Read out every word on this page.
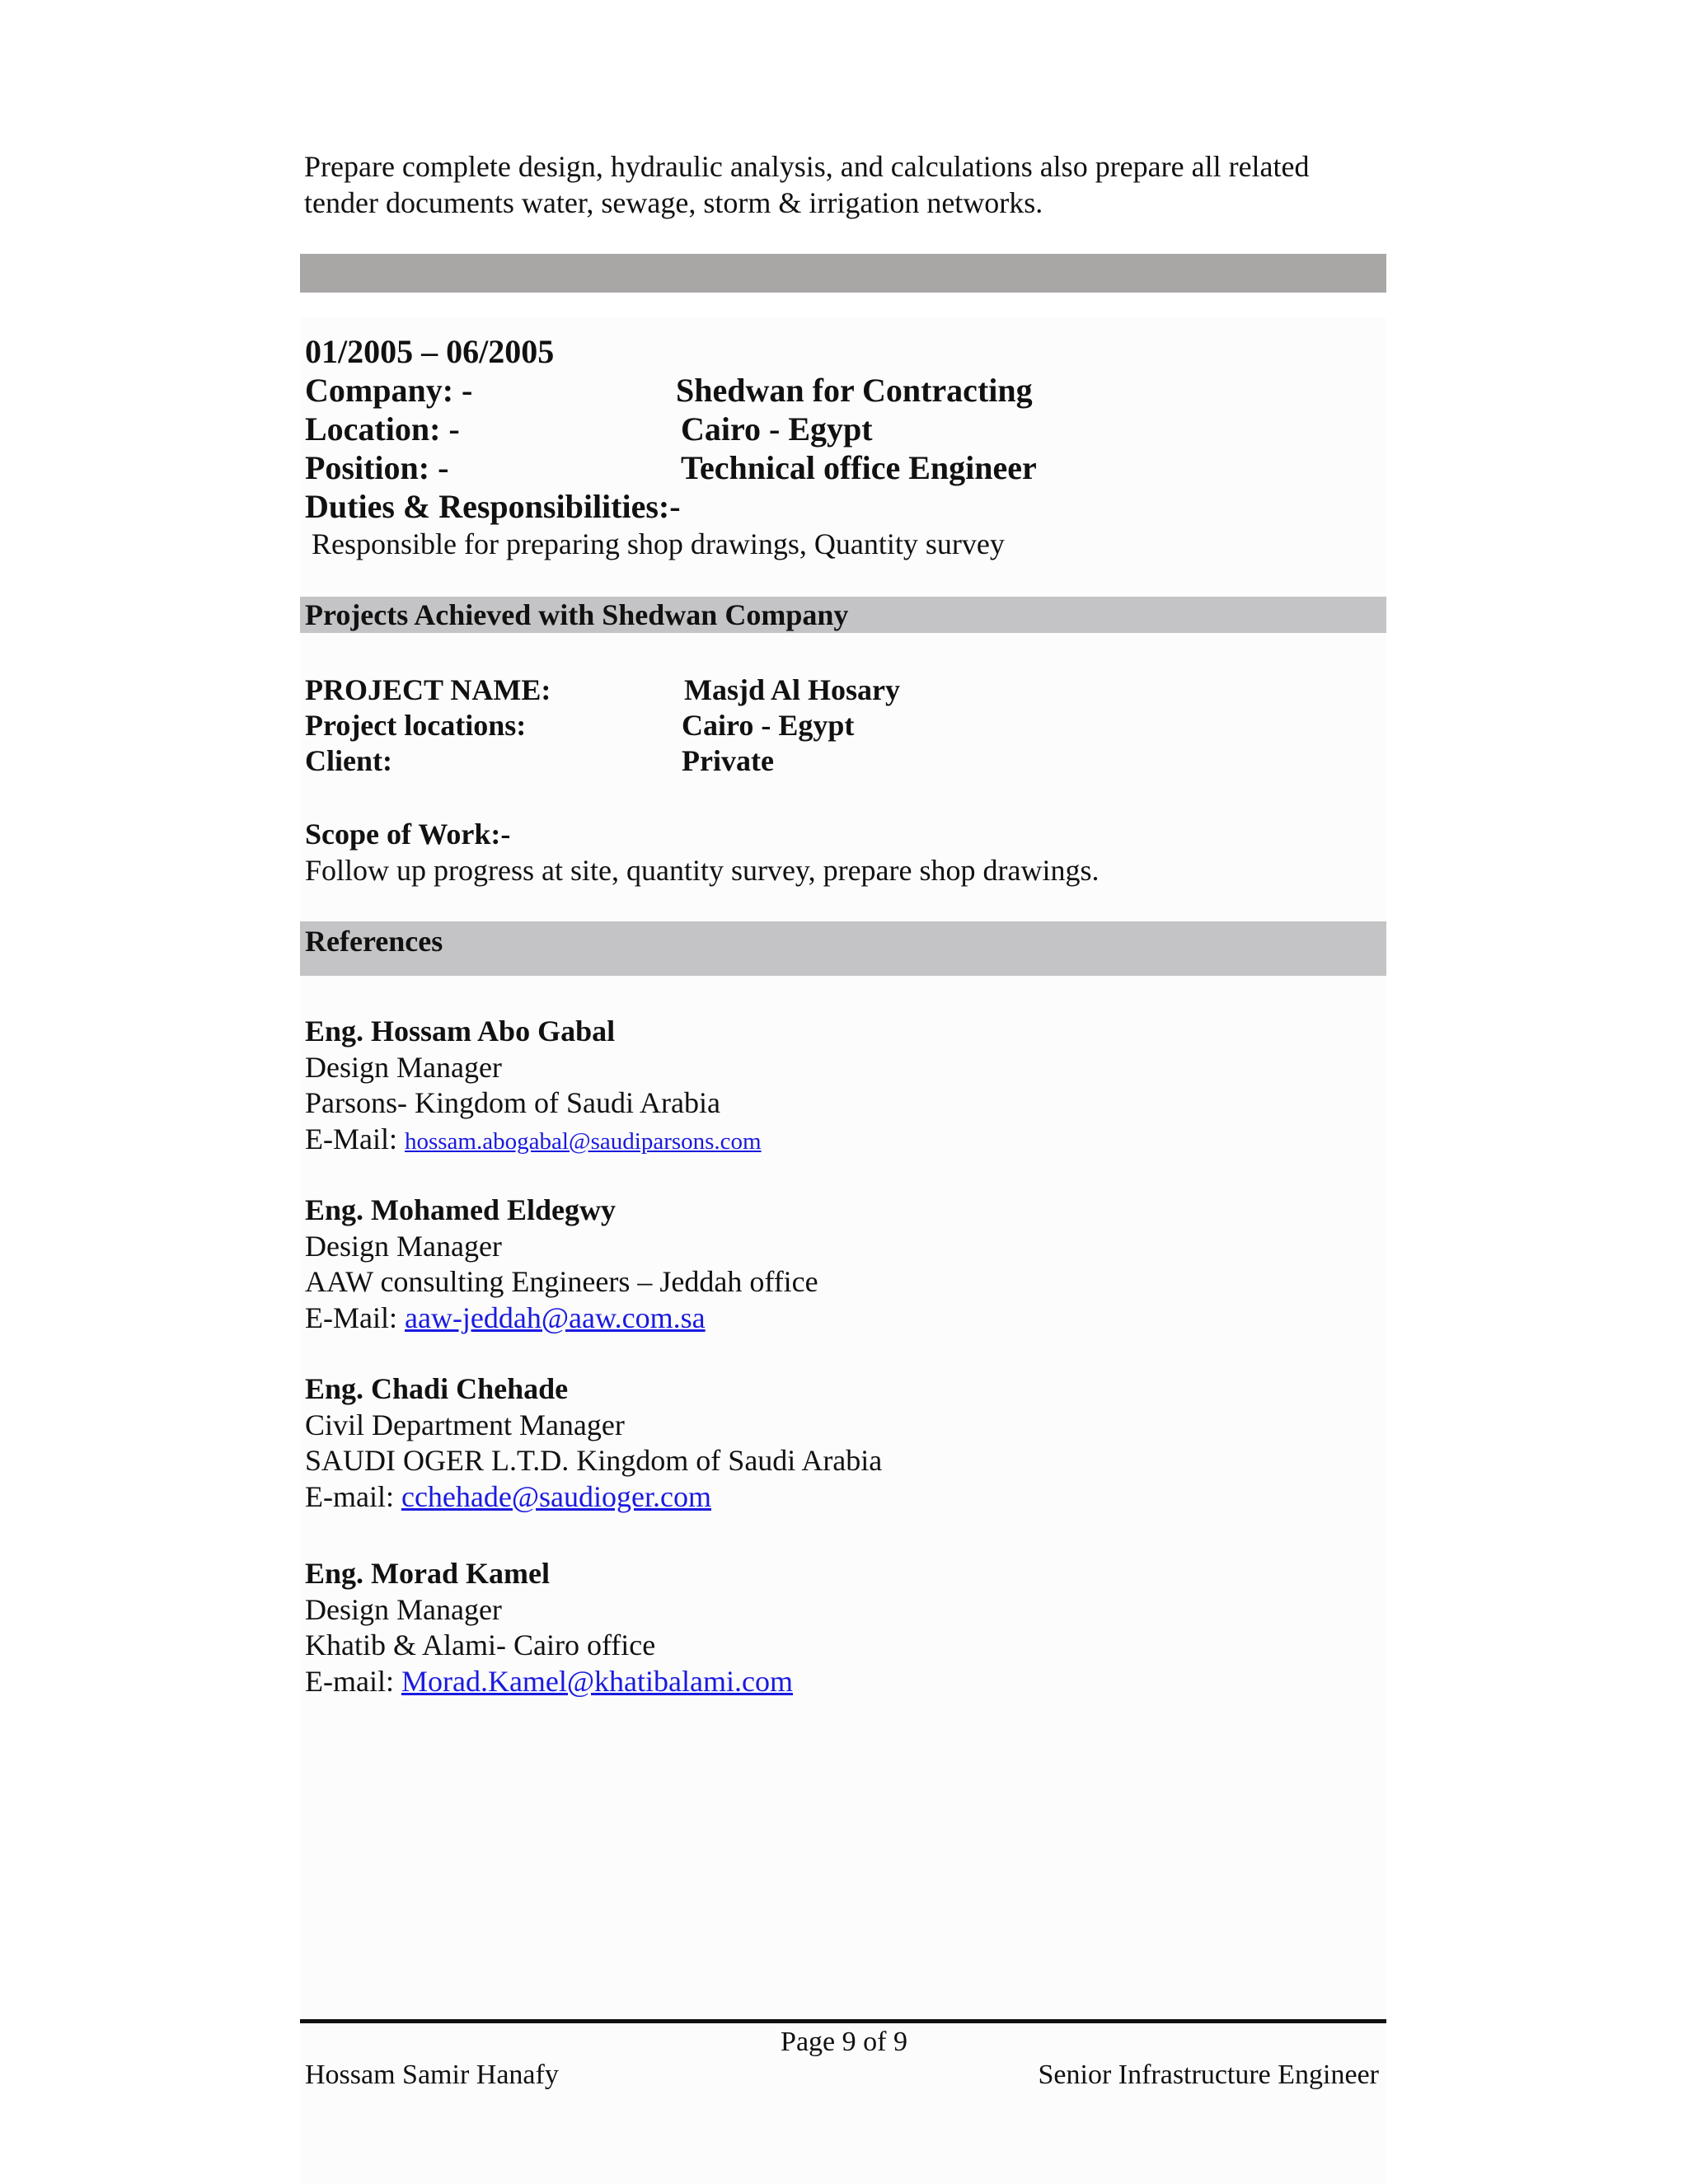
Prepare complete design, hydraulic analysis, and calculations also prepare all related
tender documents water, sewage, storm & irrigation networks.
01/2005 – 06/2005
Company: -	Shedwan for Contracting
Location: -	Cairo - Egypt
Position: -	Technical office Engineer
Duties & Responsibilities:-
Responsible for preparing shop drawings, Quantity survey
Projects Achieved with Shedwan Company
PROJECT NAME:	Masjd Al Hosary
Project locations:	Cairo - Egypt
Client:	Private
Scope of Work:-
Follow up progress at site, quantity survey, prepare shop drawings.
References
Eng. Hossam Abo Gabal
Design Manager
Parsons- Kingdom of Saudi Arabia
E-Mail: hossam.abogabal@saudiparsons.com
Eng. Mohamed Eldegwy
Design Manager
AAW consulting Engineers – Jeddah office
E-Mail: aaw-jeddah@aaw.com.sa
Eng. Chadi Chehade
Civil Department Manager
SAUDI OGER L.T.D. Kingdom of Saudi Arabia
E-mail: cchehade@saudioger.com
Eng. Morad Kamel
Design Manager
Khatib & Alami- Cairo office
E-mail: Morad.Kamel@khatibalami.com
Page 9 of 9
Hossam Samir Hanafy	Senior Infrastructure Engineer
